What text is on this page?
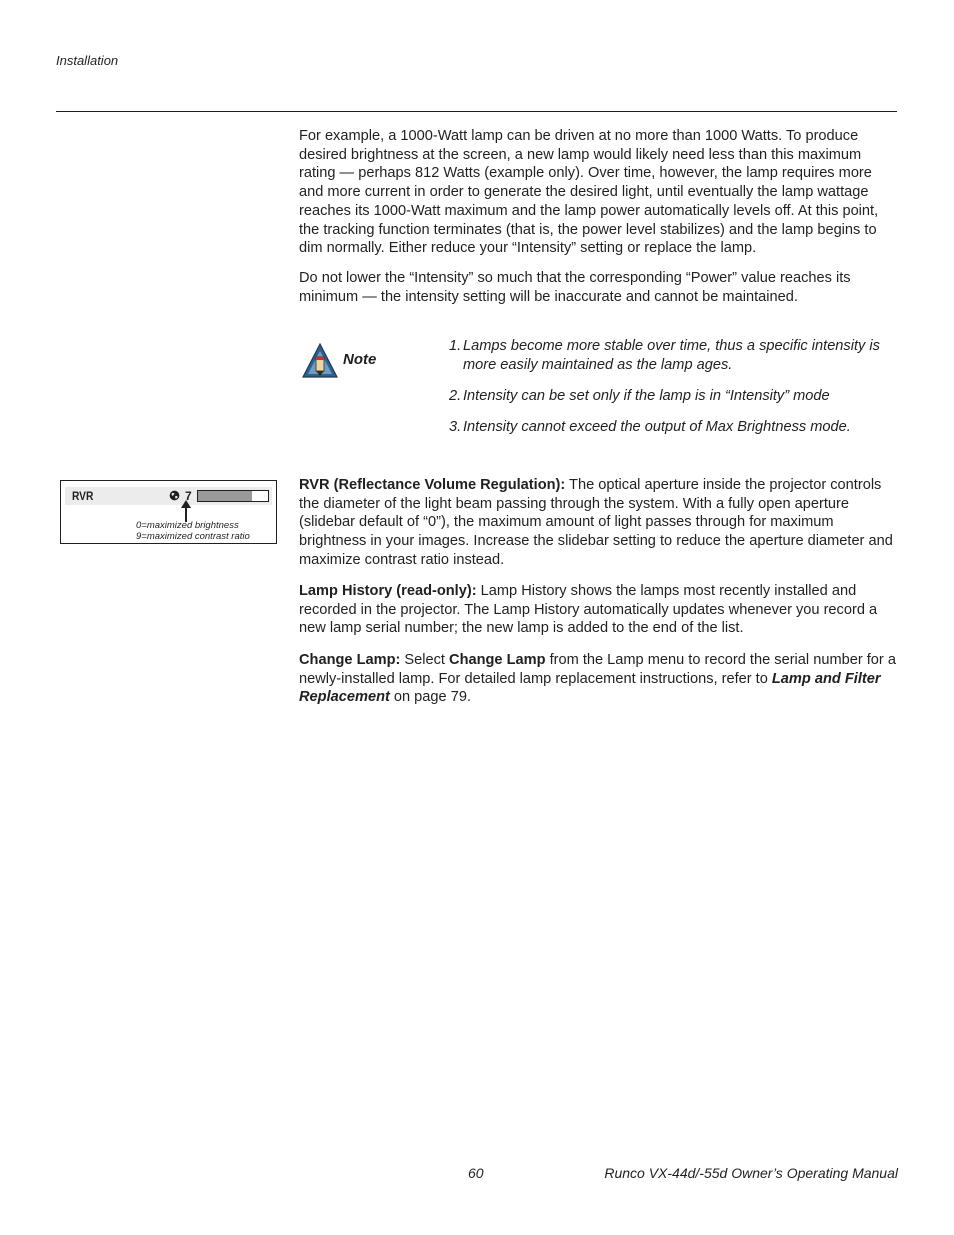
Installation

For example, a 1000-Watt lamp can be driven at no more than 1000 Watts. To produce desired brightness at the screen, a new lamp would likely need less than this maximum rating — perhaps 812 Watts (example only). Over time, however, the lamp requires more and more current in order to generate the desired light, until eventually the lamp wattage reaches its 1000-Watt maximum and the lamp power automatically levels off. At this point, the tracking function terminates (that is, the power level stabilizes) and the lamp begins to dim normally. Either reduce your “Intensity” setting or replace the lamp.

Do not lower the “Intensity” so much that the corresponding “Power” value reaches its minimum — the intensity setting will be inaccurate and cannot be maintained.

Note
1. Lamps become more stable over time, thus a specific intensity is
more easily maintained as the lamp ages.
2. Intensity can be set only if the lamp is in “Intensity” mode
3. Intensity cannot exceed the output of Max Brightness mode.
RVR	7
0=maximized brightness
9=maximized contrast ratio

RVR (Reflectance Volume Regulation): The optical aperture inside the projector controls the diameter of the light beam passing through the system. With a fully open aperture (slidebar default of “0”), the maximum amount of light passes through for maximum brightness in your images. Increase the slidebar setting to reduce the aperture diameter and maximize contrast ratio instead.

Lamp History (read-only): Lamp History shows the lamps most recently installed and recorded in the projector. The Lamp History automatically updates whenever you record a new lamp serial number; the new lamp is added to the end of the list.

Change Lamp: Select Change Lamp from the Lamp menu to record the serial number for a newly-installed lamp. For detailed lamp replacement instructions, refer to Lamp and Filter Replacement on page 79.

60	Runco VX-44d/-55d Owner’s Operating Manual
